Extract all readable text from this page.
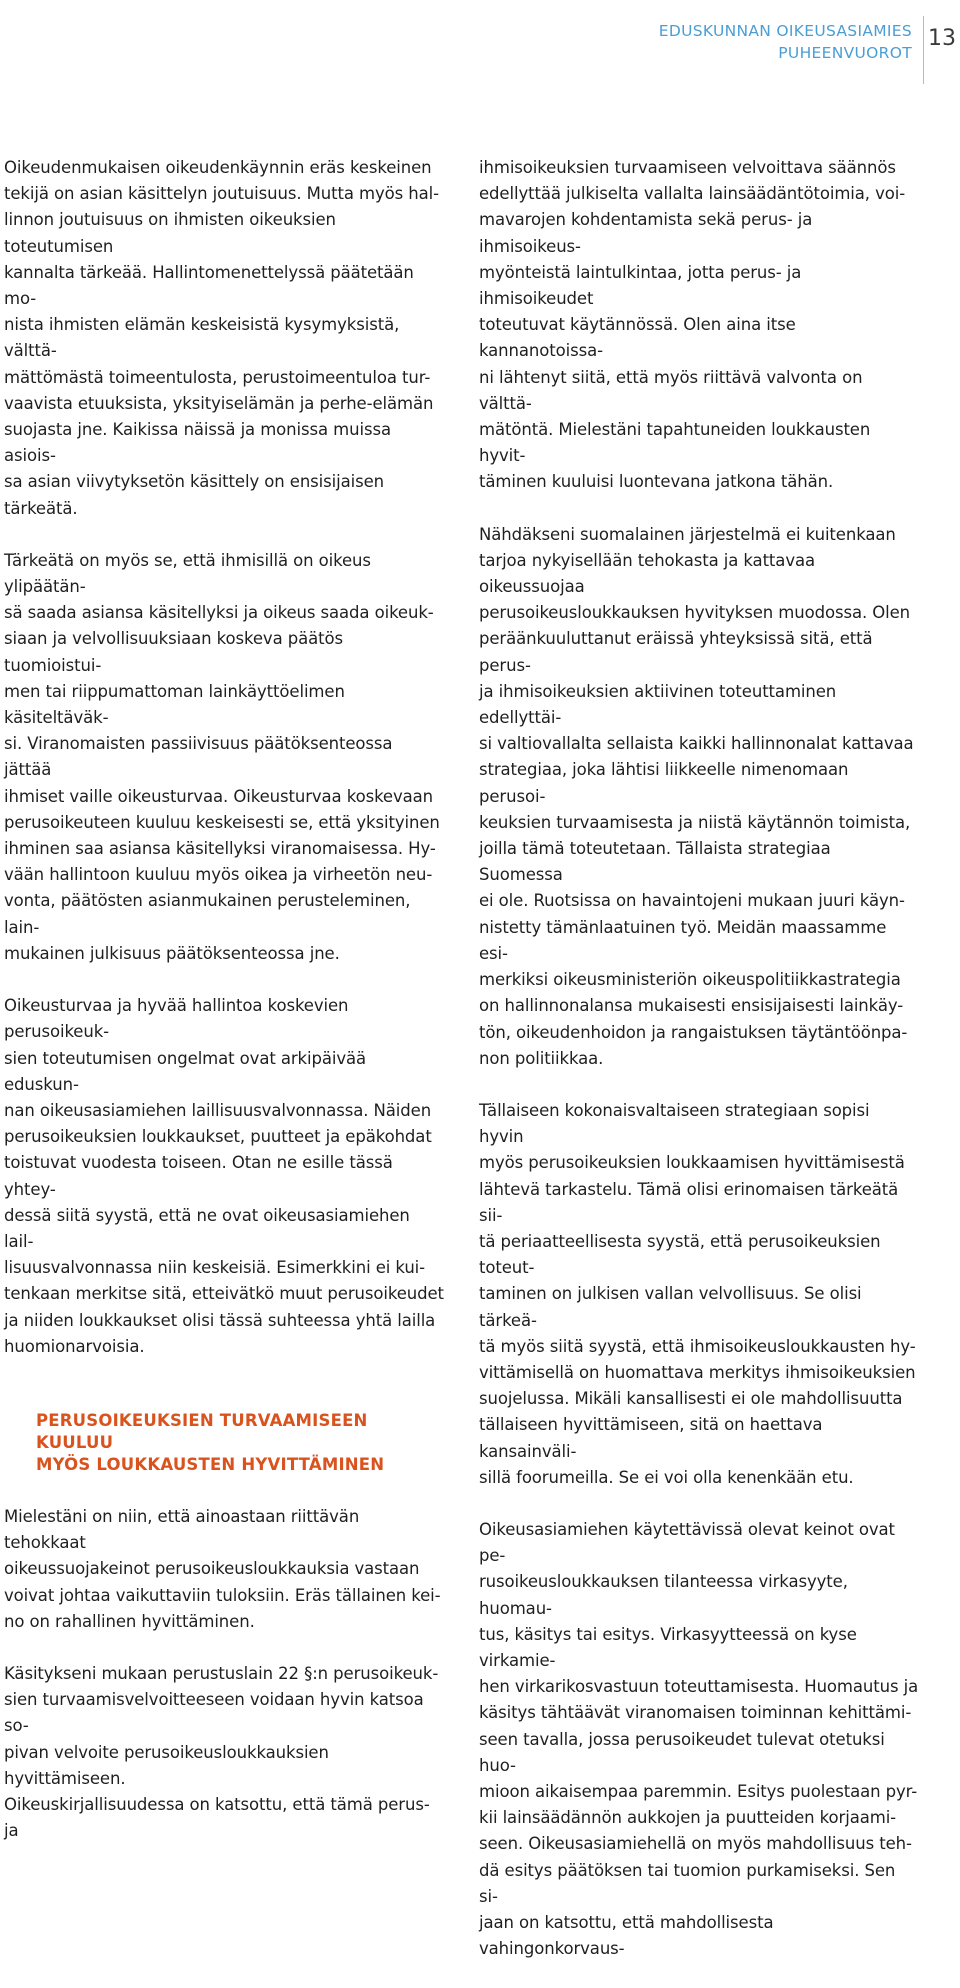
EDUSKUNNAN OIKEUSASIAMIES
PUHEENVUOROT
13

Oikeudenmukaisen oikeudenkäynnin eräs keskeinen
tekijä on asian käsittelyn joutuisuus. Mutta myös hal-
linnon joutuisuus on ihmisten oikeuksien toteutumisen
kannalta tärkeää. Hallintomenettelyssä päätetään mo-
nista ihmisten elämän keskeisistä kysymyksistä, välttä-
mättömästä toimeentulosta, perustoimeentuloa tur-
vaavista etuuksista, yksityiselämän ja perhe-elämän
suojasta jne. Kaikissa näissä ja monissa muissa asiois-
sa asian viivytyksetön käsittely on ensisijaisen tärkeätä.

Tärkeätä on myös se, että ihmisillä on oikeus ylipäätän-
sä saada asiansa käsitellyksi ja oikeus saada oikeuk-
siaan ja velvollisuuksiaan koskeva päätös tuomioistui-
men tai riippumattoman lainkäyttöelimen käsiteltäväk-
si. Viranomaisten passiivisuus päätöksenteossa jättää
ihmiset vaille oikeusturvaa. Oikeusturvaa koskevaan
perusoikeuteen kuuluu keskeisesti se, että yksityinen
ihminen saa asiansa käsitellyksi viranomaisessa. Hy-
vään hallintoon kuuluu myös oikea ja virheetön neu-
vonta, päätösten asianmukainen perusteleminen, lain-
mukainen julkisuus päätöksenteossa jne.

Oikeusturvaa ja hyvää hallintoa koskevien perusoikeuk-
sien toteutumisen ongelmat ovat arkipäivää eduskun-
nan oikeusasiamiehen laillisuusvalvonnassa. Näiden
perusoikeuksien loukkaukset, puutteet ja epäkohdat
toistuvat vuodesta toiseen. Otan ne esille tässä yhtey-
dessä siitä syystä, että ne ovat oikeusasiamiehen lail-
lisuusvalvonnassa niin keskeisiä. Esimerkkini ei kui-
tenkaan merkitse sitä, etteivätkö muut perusoikeudet
ja niiden loukkaukset olisi tässä suhteessa yhtä lailla
huomionarvoisia.

PERUSOIKEUKSIEN TURVAAMISEEN KUULUU
MYÖS LOUKKAUSTEN HYVITTÄMINEN

Mielestäni on niin, että ainoastaan riittävän tehokkaat
oikeussuojakeinot perusoikeusloukkauksia vastaan
voivat johtaa vaikuttaviin tuloksiin. Eräs tällainen kei-
no on rahallinen hyvittäminen.

Käsitykseni mukaan perustuslain 22 §:n perusoikeuk-
sien turvaamisvelvoitteeseen voidaan hyvin katsoa so-
pivan velvoite perusoikeusloukkauksien hyvittämiseen.
Oikeuskirjallisuudessa on katsottu, että tämä perus- ja

ihmisoikeuksien turvaamiseen velvoittava säännös
edellyttää julkiselta vallalta lainsäädäntötoimia, voi-
mavarojen kohdentamista sekä perus- ja ihmisoikeus-
myönteistä laintulkintaa, jotta perus- ja ihmisoikeudet
toteutuvat käytännössä. Olen aina itse kannanotoissa-
ni lähtenyt siitä, että myös riittävä valvonta on välttä-
mätöntä. Mielestäni tapahtuneiden loukkausten hyvit-
täminen kuuluisi luontevana jatkona tähän.

Nähdäkseni suomalainen järjestelmä ei kuitenkaan
tarjoa nykyisellään tehokasta ja kattavaa oikeussuojaa
perusoikeusloukkauksen hyvityksen muodossa. Olen
peräänkuuluttanut eräissä yhteyksissä sitä, että perus-
ja ihmisoikeuksien aktiivinen toteuttaminen edellyttäi-
si valtiovallalta sellaista kaikki hallinnonalat kattavaa
strategiaa, joka lähtisi liikkeelle nimenomaan perusoi-
keuksien turvaamisesta ja niistä käytännön toimista,
joilla tämä toteutetaan. Tällaista strategiaa Suomessa
ei ole. Ruotsissa on havaintojeni mukaan juuri käyn-
nistetty tämänlaatuinen työ. Meidän maassamme esi-
merkiksi oikeusministeriön oikeuspolitiikkastrategia
on hallinnonalansa mukaisesti ensisijaisesti lainkäy-
tön, oikeudenhoidon ja rangaistuksen täytäntöönpa-
non politiikkaa.

Tällaiseen kokonaisvaltaiseen strategiaan sopisi hyvin
myös perusoikeuksien loukkaamisen hyvittämisestä
lähtevä tarkastelu. Tämä olisi erinomaisen tärkeätä sii-
tä periaatteellisesta syystä, että perusoikeuksien toteut-
taminen on julkisen vallan velvollisuus. Se olisi tärkeä-
tä myös siitä syystä, että ihmisoikeusloukkausten hy-
vittämisellä on huomattava merkitys ihmisoikeuksien
suojelussa. Mikäli kansallisesti ei ole mahdollisuutta
tällaiseen hyvittämiseen, sitä on haettava kansainväli-
sillä foorumeilla. Se ei voi olla kenenkään etu.

Oikeusasiamiehen käytettävissä olevat keinot ovat pe-
rusoikeusloukkauksen tilanteessa virkasyyte, huomau-
tus, käsitys tai esitys. Virkasyytteessä on kyse virkamie-
hen virkarikosvastuun toteuttamisesta. Huomautus ja
käsitys tähtäävät viranomaisen toiminnan kehittämi-
seen tavalla, jossa perusoikeudet tulevat otetuksi huo-
mioon aikaisempaa paremmin. Esitys puolestaan pyr-
kii lainsäädännön aukkojen ja puutteiden korjaami-
seen. Oikeusasiamiehellä on myös mahdollisuus teh-
dä esitys päätöksen tai tuomion purkamiseksi. Sen si-
jaan on katsottu, että mahdollisesta vahingonkorvaus-
